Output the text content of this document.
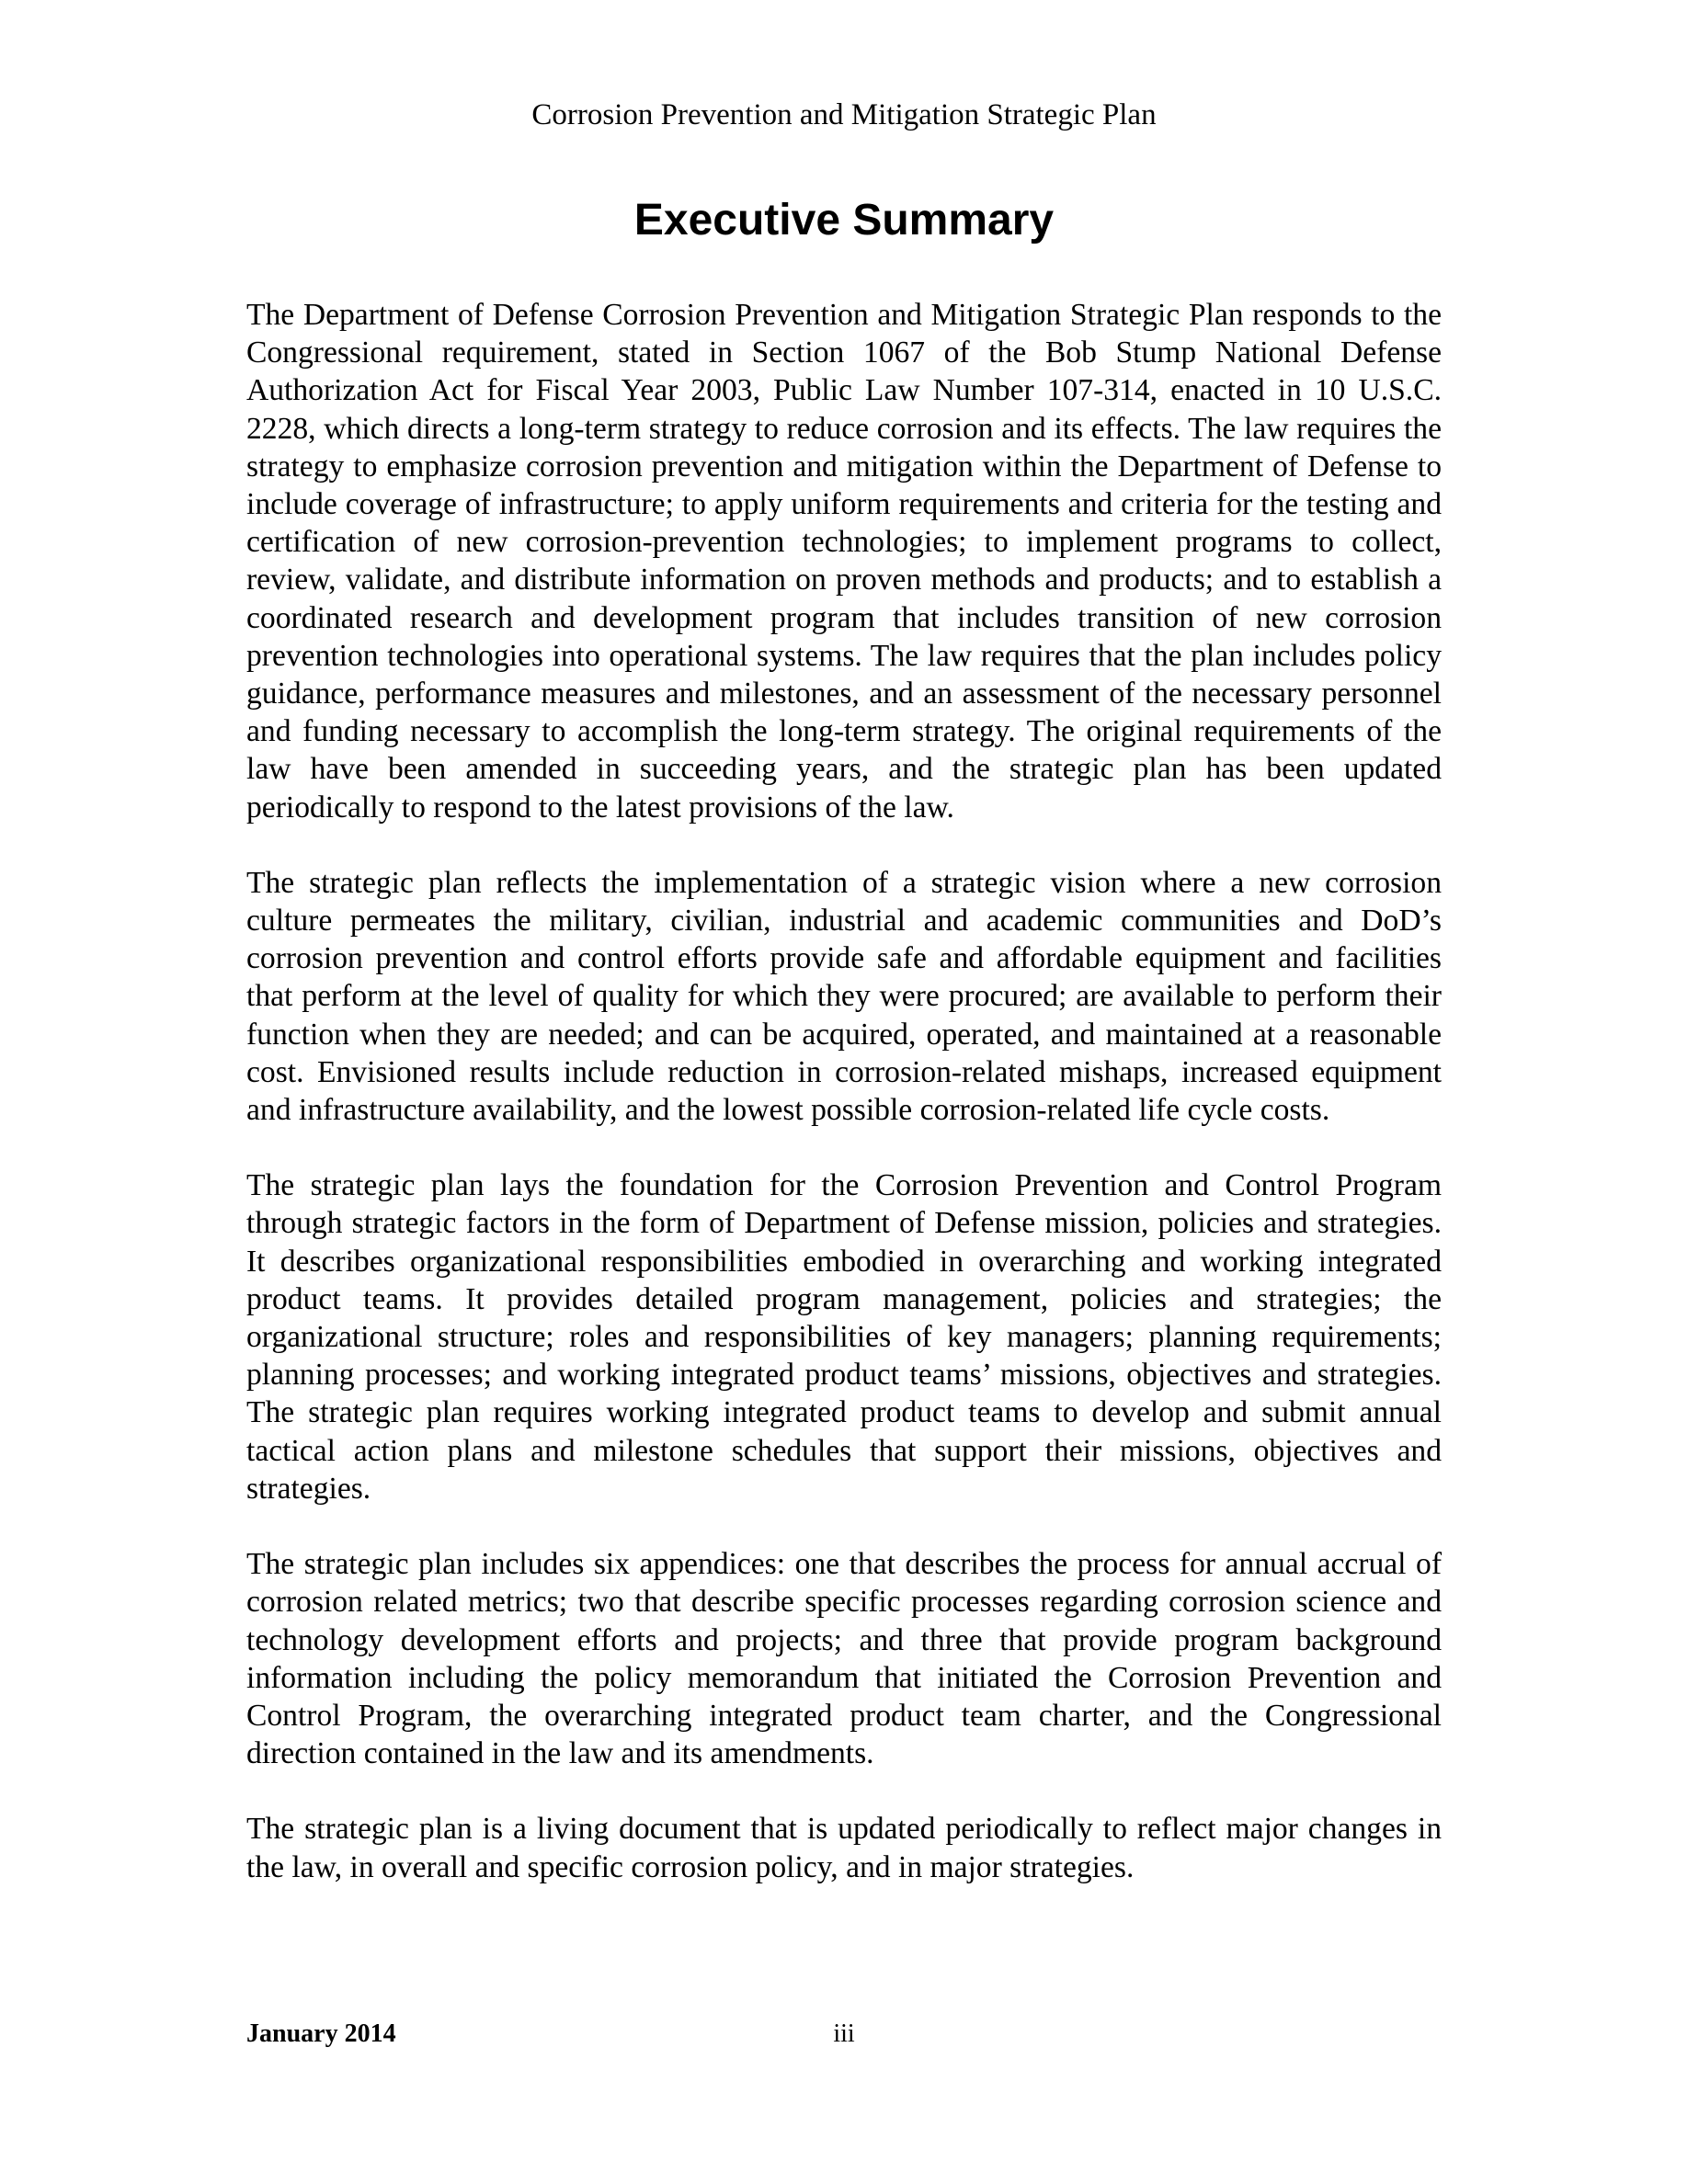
Corrosion Prevention and Mitigation Strategic Plan
Executive Summary

The Department of Defense Corrosion Prevention and Mitigation Strategic Plan responds to the Congressional requirement, stated in Section 1067 of the Bob Stump National Defense Authorization Act for Fiscal Year 2003, Public Law Number 107-314, enacted in 10 U.S.C. 2228, which directs a long-term strategy to reduce corrosion and its effects. The law requires the strategy to emphasize corrosion prevention and mitigation within the Department of Defense to include coverage of infrastructure; to apply uniform requirements and criteria for the testing and certification of new corrosion-prevention technologies; to implement programs to collect, review, validate, and distribute information on proven methods and products; and to establish a coordinated research and development program that includes transition of new corrosion prevention technologies into operational systems. The law requires that the plan includes policy guidance, performance measures and milestones, and an assessment of the necessary personnel and funding necessary to accomplish the long-term strategy. The original requirements of the law have been amended in succeeding years, and the strategic plan has been updated periodically to respond to the latest provisions of the law.

The strategic plan reflects the implementation of a strategic vision where a new corrosion culture permeates the military, civilian, industrial and academic communities and DoD’s corrosion prevention and control efforts provide safe and affordable equipment and facilities that perform at the level of quality for which they were procured; are available to perform their function when they are needed; and can be acquired, operated, and maintained at a reasonable cost. Envisioned results include reduction in corrosion-related mishaps, increased equipment and infrastructure availability, and the lowest possible corrosion-related life cycle costs.

The strategic plan lays the foundation for the Corrosion Prevention and Control Program through strategic factors in the form of Department of Defense mission, policies and strategies. It describes organizational responsibilities embodied in overarching and working integrated product teams. It provides detailed program management, policies and strategies; the organizational structure; roles and responsibilities of key managers; planning requirements; planning processes; and working integrated product teams’ missions, objectives and strategies. The strategic plan requires working integrated product teams to develop and submit annual tactical action plans and milestone schedules that support their missions, objectives and strategies.

The strategic plan includes six appendices: one that describes the process for annual accrual of corrosion related metrics; two that describe specific processes regarding corrosion science and technology development efforts and projects; and three that provide program background information including the policy memorandum that initiated the Corrosion Prevention and Control Program, the overarching integrated product team charter, and the Congressional direction contained in the law and its amendments.

The strategic plan is a living document that is updated periodically to reflect major changes in the law, in overall and specific corrosion policy, and in major strategies.

January 2014	iii
